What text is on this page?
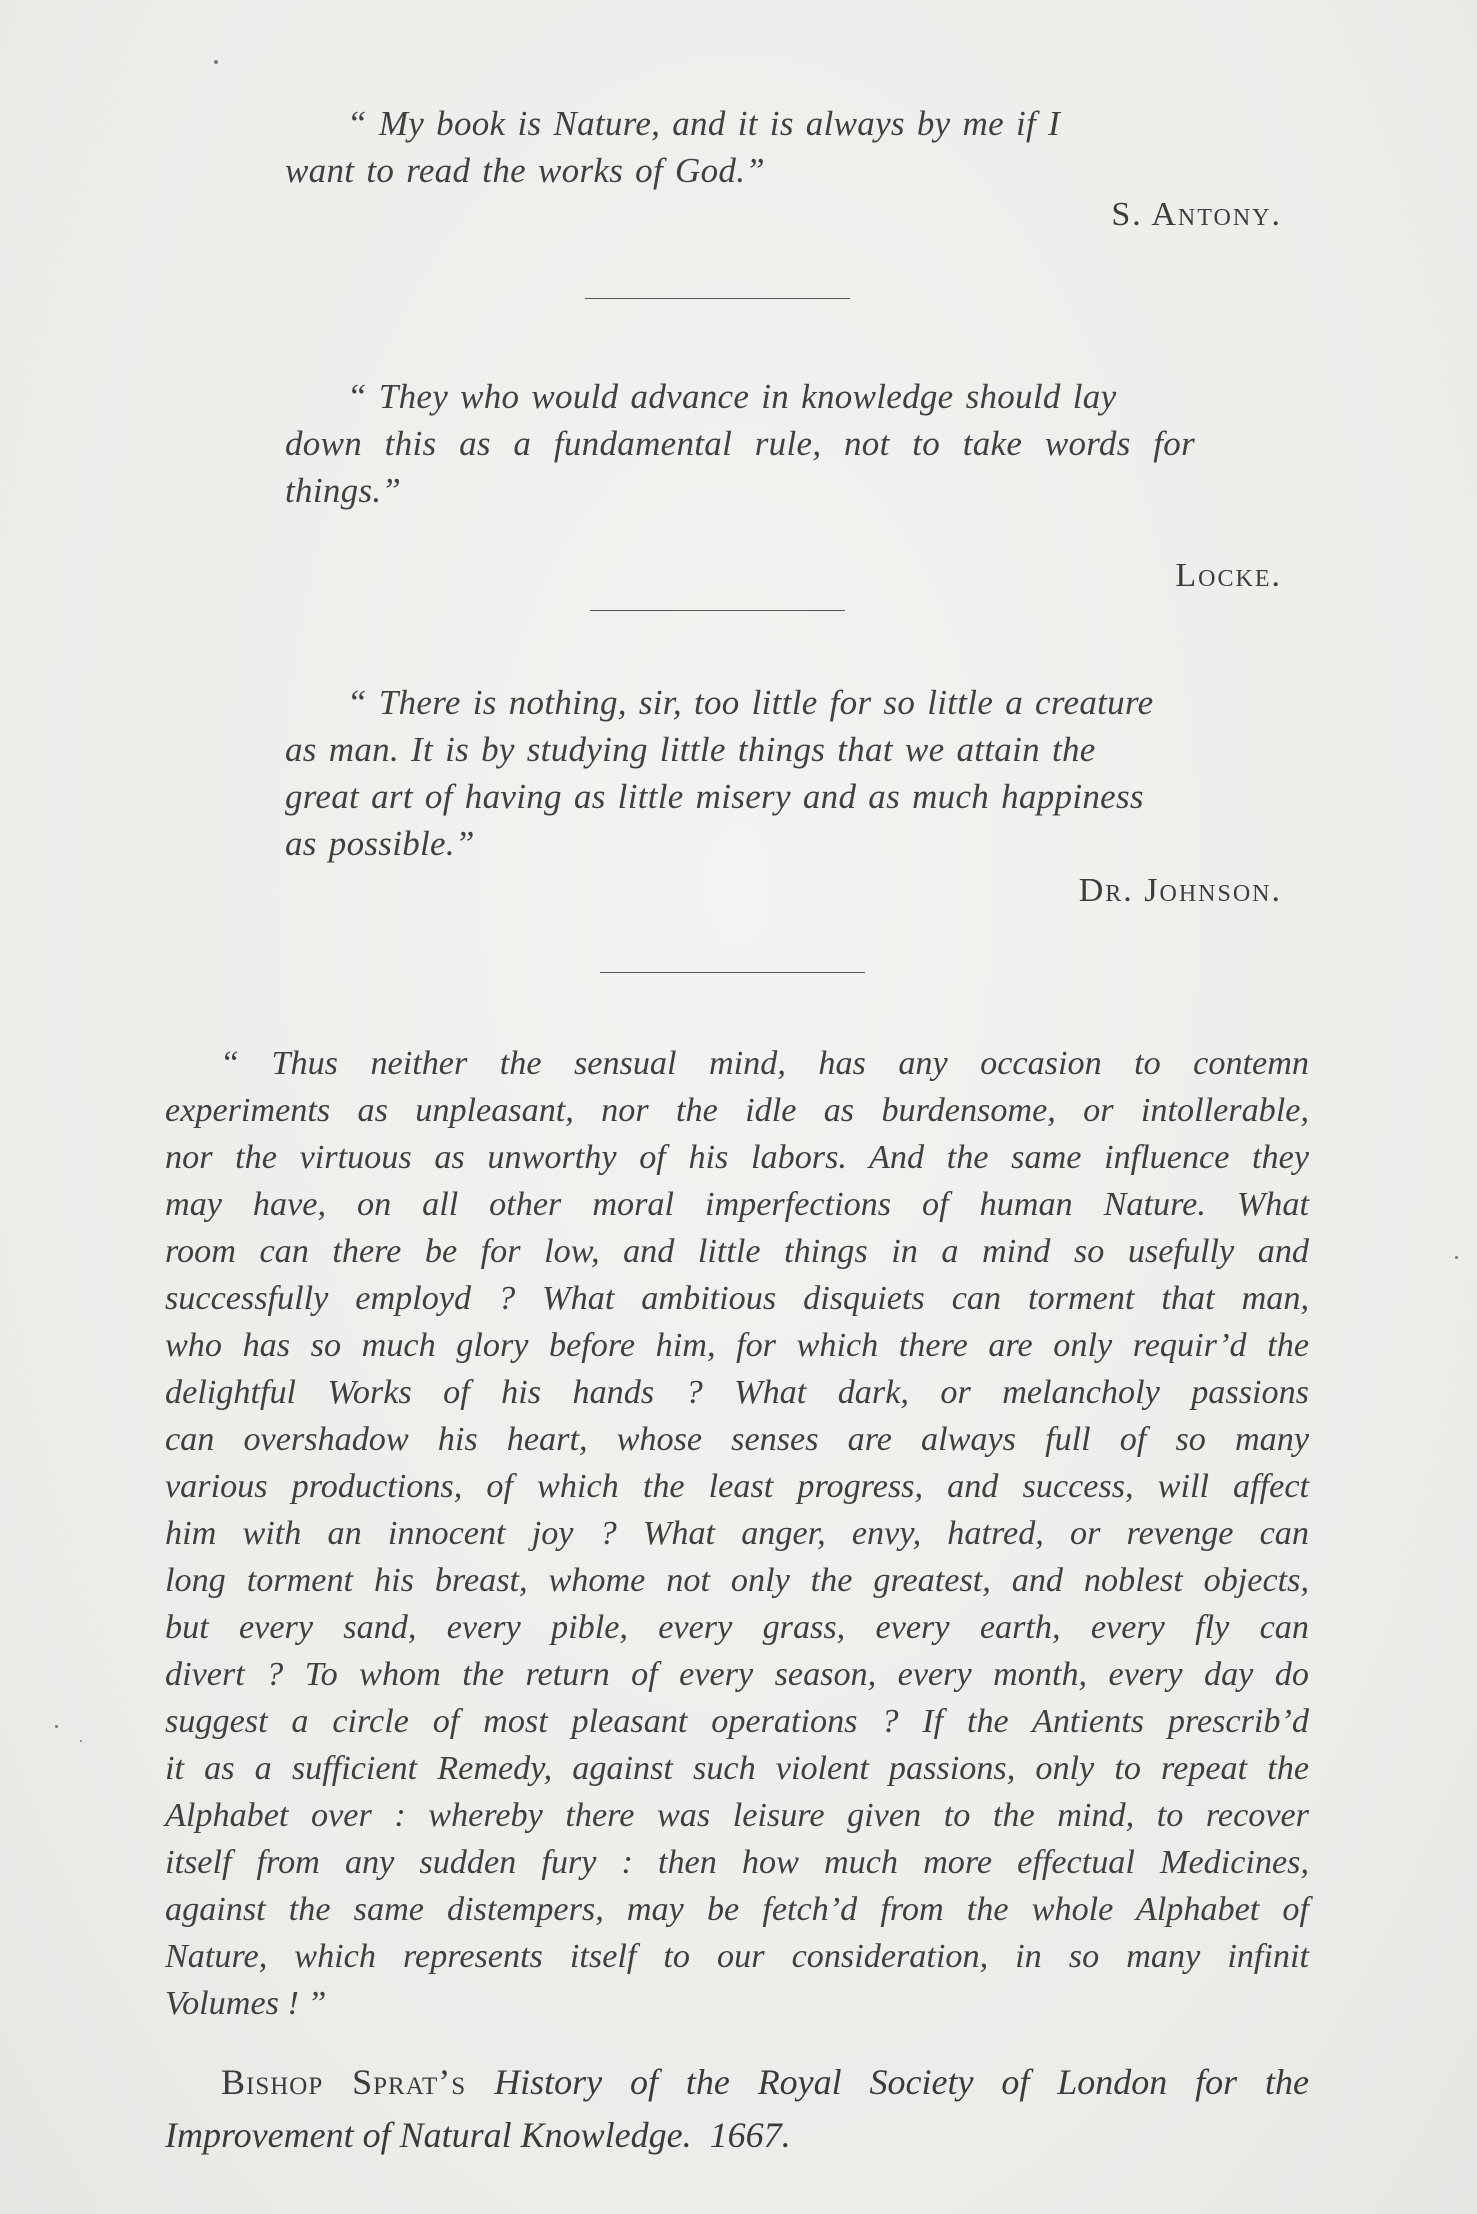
“ My book is Nature, and it is always by me if I
want to read the works of God.”
S. Antony.
“ They who would advance in knowledge should lay
down this as a fundamental rule, not to take words for
things.”
Locke.
“ There is nothing, sir, too little for so little a creature
as man. It is by studying little things that we attain the
great art of having as little misery and as much happiness
as possible.”
Dr. Johnson.
“ Thus neither the sensual mind, has any occasion to contemn
experiments as unpleasant, nor the idle as burdensome, or intollerable,
nor the virtuous as unworthy of his labors. And the same influence they
may have, on all other moral imperfections of human Nature. What
room can there be for low, and little things in a mind so usefully and
successfully employd ? What ambitious disquiets can torment that man,
who has so much glory before him, for which there are only requir’d the
delightful Works of his hands ? What dark, or melancholy passions
can overshadow his heart, whose senses are always full of so many
various productions, of which the least progress, and success, will affect
him with an innocent joy ? What anger, envy, hatred, or revenge can
long torment his breast, whome not only the greatest, and noblest objects,
but every sand, every pible, every grass, every earth, every fly can
divert ? To whom the return of every season, every month, every day do
suggest a circle of most pleasant operations ? If the Antients prescrib’d
it as a sufficient Remedy, against such violent passions, only to repeat the
Alphabet over : whereby there was leisure given to the mind, to recover
itself from any sudden fury : then how much more effectual Medicines,
against the same distempers, may be fetch’d from the whole Alphabet of
Nature, which represents itself to our consideration, in so many infinit
Volumes ! ”
Bishop Sprat’s History of the Royal Society of London for the
Improvement of Natural Knowledge. 1667.
